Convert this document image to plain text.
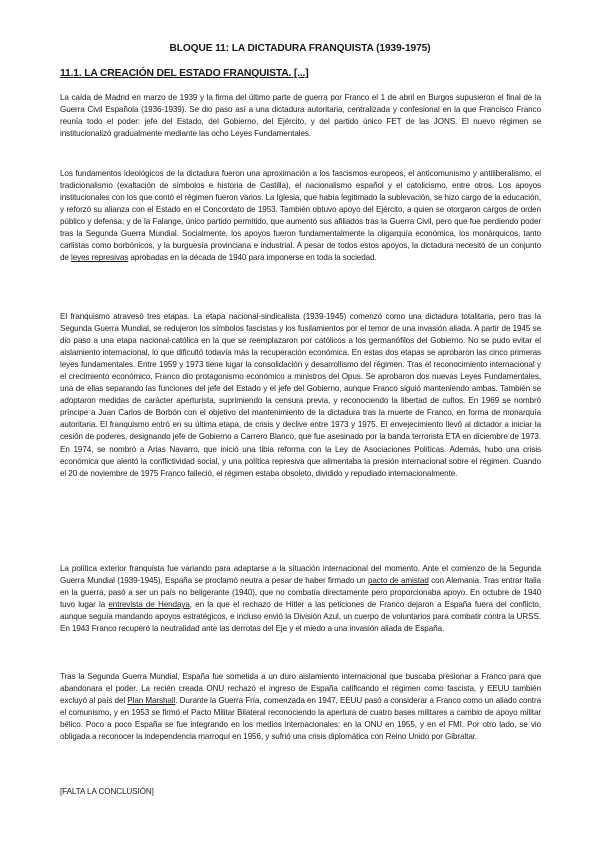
BLOQUE 11: LA DICTADURA FRANQUISTA (1939-1975)
11.1. LA CREACIÓN DEL ESTADO FRANQUISTA. [...]

La caída de Madrid en marzo de 1939 y la firma del último parte de guerra por Franco el 1 de abril en Burgos supusieron el final de la Guerra Civil Española (1936-1939). Se dio paso así a una dictadura autoritaria, centralizada y confesional en la que Francisco Franco reunía todo el poder: jefe del Estado, del Gobierno, del Ejército, y del partido único FET de las JONS. El nuevo régimen se institucionalizó gradualmente mediante las ocho Leyes Fundamentales.

Los fundamentos ideológicos de la dictadura fueron una aproximación a los fascismos europeos, el anticomunismo y antiliberalismo, el tradicionalismo (exaltación de símbolos e historia de Castilla), el nacionalismo español y el catolicismo, entre otros. Los apoyos institucionales con los que contó el régimen fueron varios. La Iglesia, que había legitimado la sublevación, se hizo cargo de la educación, y reforzó su alianza con el Estado en el Concordato de 1953. También obtuvo apoyo del Ejército, a quien se otorgaron cargos de orden público y defensa; y de la Falange, único partido permitido, que aumentó sus afiliados tras la Guerra Civil, pero que fue perdiendo poder tras la Segunda Guerra Mundial. Socialmente, los apoyos fueron fundamentalmente la oligarquía económica, los monárquicos, tanto carlistas como borbónicos, y la burguesía provinciana e industrial. A pesar de todos estos apoyos, la dictadura necesitó de un conjunto de leyes represivas aprobadas en la década de 1940 para imponerse en toda la sociedad.

El franquismo atravesó tres etapas. La etapa nacional-sindicalista (1939-1945) comenzó como una dictadura totalitaria, pero tras la Segunda Guerra Mundial, se redujeron los símbolos fascistas y los fusilamientos por el temor de una invasión aliada. A partir de 1945 se dio paso a una etapa nacional-católica en la que se reemplazaron por católicos a los germanófilos del Gobierno. No se pudo evitar el aislamiento internacional, lo que dificultó todavía más la recuperación económica. En estas dos etapas se aprobaron las cinco primeras leyes fundamentales. Entre 1959 y 1973 tiene lugar la consolidación y desarrollismo del régimen. Tras el reconocimiento internacional y el crecimiento económico, Franco dio protagonismo económico a ministros del Opus. Se aprobaron dos nuevas Leyes Fundamentales, una de ellas separando las funciones del jefe del Estado y el jefe del Gobierno, aunque Franco siguió manteniendo ambas. También se adoptaron medidas de carácter aperturista, suprimiendo la censura previa, y reconociendo la libertad de cultos. En 1969 se nombró príncipe a Juan Carlos de Borbón con el objetivo del mantenimiento de la dictadura tras la muerte de Franco, en forma de monarquía autoritaria. El franquismo entró en su última etapa, de crisis y declive entre 1973 y 1975. El envejecimiento llevó al dictador a iniciar la cesión de poderes, designando jefe de Gobierno a Carrero Blanco, que fue asesinado por la banda terrorista ETA en diciembre de 1973. En 1974, se nombró a Arias Navarro, que inició una tibia reforma con la Ley de Asociaciones Políticas. Además, hubo una crisis económica que alentó la conflictividad social, y una política represiva que alimentaba la presión internacional sobre el régimen. Cuando el 20 de noviembre de 1975 Franco falleció, el régimen estaba obsoleto, dividido y repudiado internacionalmente.

La política exterior franquista fue variando para adaptarse a la situación internacional del momento. Ante el comienzo de la Segunda Guerra Mundial (1939-1945), España se proclamó neutra a pesar de haber firmado un pacto de amistad con Alemania. Tras entrar Italia en la guerra, pasó a ser un país no beligerante (1940), que no combatía directamente pero proporcionaba apoyo. En octubre de 1940 tuvo lugar la entrevista de Hendaya, en la que el rechazo de Hitler a las peticiones de Franco dejaron a España fuera del conflicto, aunque seguía mandando apoyos estratégicos, e incluso envió la División Azul, un cuerpo de voluntarios para combatir contra la URSS. En 1943 Franco recuperó la neutralidad ante las derrotas del Eje y el miedo a una invasión aliada de España.

Tras la Segunda Guerra Mundial, España fue sometida a un duro aislamiento internacional que buscaba presionar a Franco para que abandonara el poder. La recién creada ONU rechazó el ingreso de España calificando el régimen como fascista, y EEUU también excluyó al país del Plan Marshall. Durante la Guerra Fría, comenzada en 1947, EEUU pasó a considerar a Franco como un aliado contra el comunismo, y en 1953 se firmó el Pacto Militar Bilateral reconociendo la apertura de cuatro bases militares a cambio de apoyo militar bélico. Poco a poco España se fue integrando en los medios internacionales: en la ONU en 1955, y en el FMI. Por otro lado, se vio obligada a reconocer la independencia marroquí en 1956, y sufrió una crisis diplomática con Reino Unido por Gibraltar.

[FALTA LA CONCLUSIÓN]
